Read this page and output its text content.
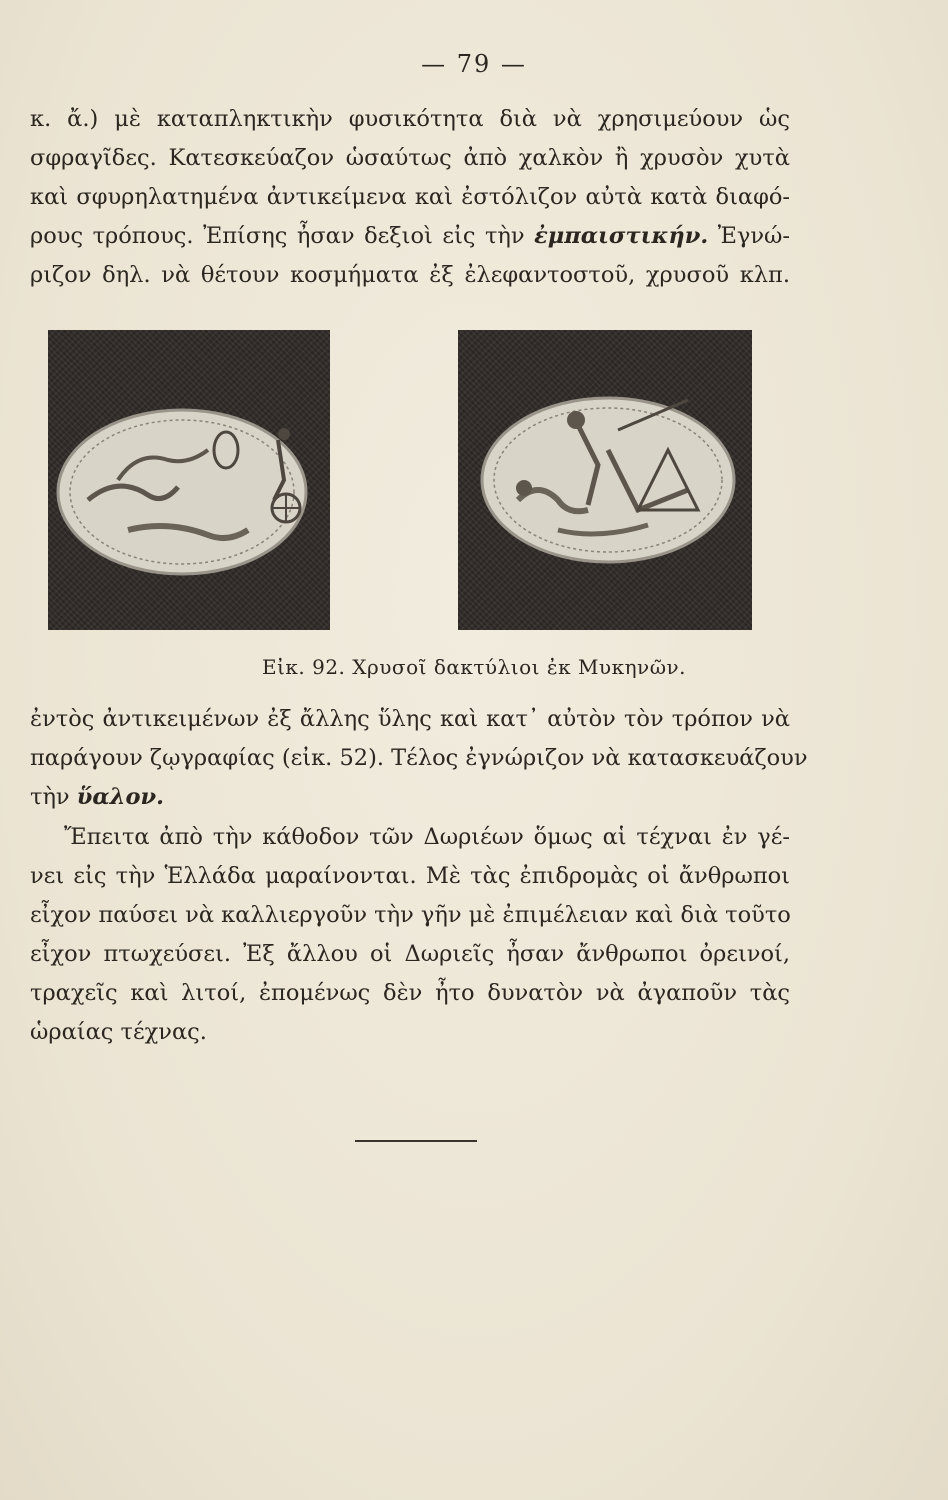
— 79 —
κ. ἄ.) μὲ καταπληκτικὴν φυσικότητα διὰ νὰ χρησιμεύουν ὡς
σφραγῖδες. Κατεσκεύαζον ὡσαύτως ἀπὸ χαλκὸν ἢ χρυσὸν χυτὰ
καὶ σφυρηλατημένα ἀντικείμενα καὶ ἐστόλιζον αὐτὰ κατὰ διαφό-
ρους τρόπους. Ἐπίσης ἦσαν δεξιοὶ εἰς τὴν ἐμπαιστικήν. Ἐγνώ-
ριζον δηλ. νὰ θέτουν κοσμήματα ἐξ ἐλεφαντοστοῦ, χρυσοῦ κλπ.
Εἰκ. 92. Χρυσοῖ δακτύλιοι ἐκ Μυκηνῶν.
ἐντὸς ἀντικειμένων ἐξ ἄλλης ὕλης καὶ κατ᾿ αὐτὸν τὸν τρόπον νὰ
παράγουν ζῳγραφίας (εἰκ. 52). Τέλος ἐγνώριζον νὰ κατασκευάζουν
τὴν ὕαλον.
Ἔπειτα ἀπὸ τὴν κάθοδον τῶν Δωριέων ὅμως αἱ τέχναι ἐν γέ-
νει εἰς τὴν Ἑλλάδα μαραίνονται. Μὲ τὰς ἐπιδρομὰς οἱ ἄνθρωποι
εἶχον παύσει νὰ καλλιεργοῦν τὴν γῆν μὲ ἐπιμέλειαν καὶ διὰ τοῦτο
εἶχον πτωχεύσει. Ἐξ ἄλλου οἱ Δωριεῖς ἦσαν ἄνθρωποι ὀρεινοί,
τραχεῖς καὶ λιτοί, ἐπομένως δὲν ἦτο δυνατὸν νὰ ἀγαποῦν τὰς
ὡραίας τέχνας.
